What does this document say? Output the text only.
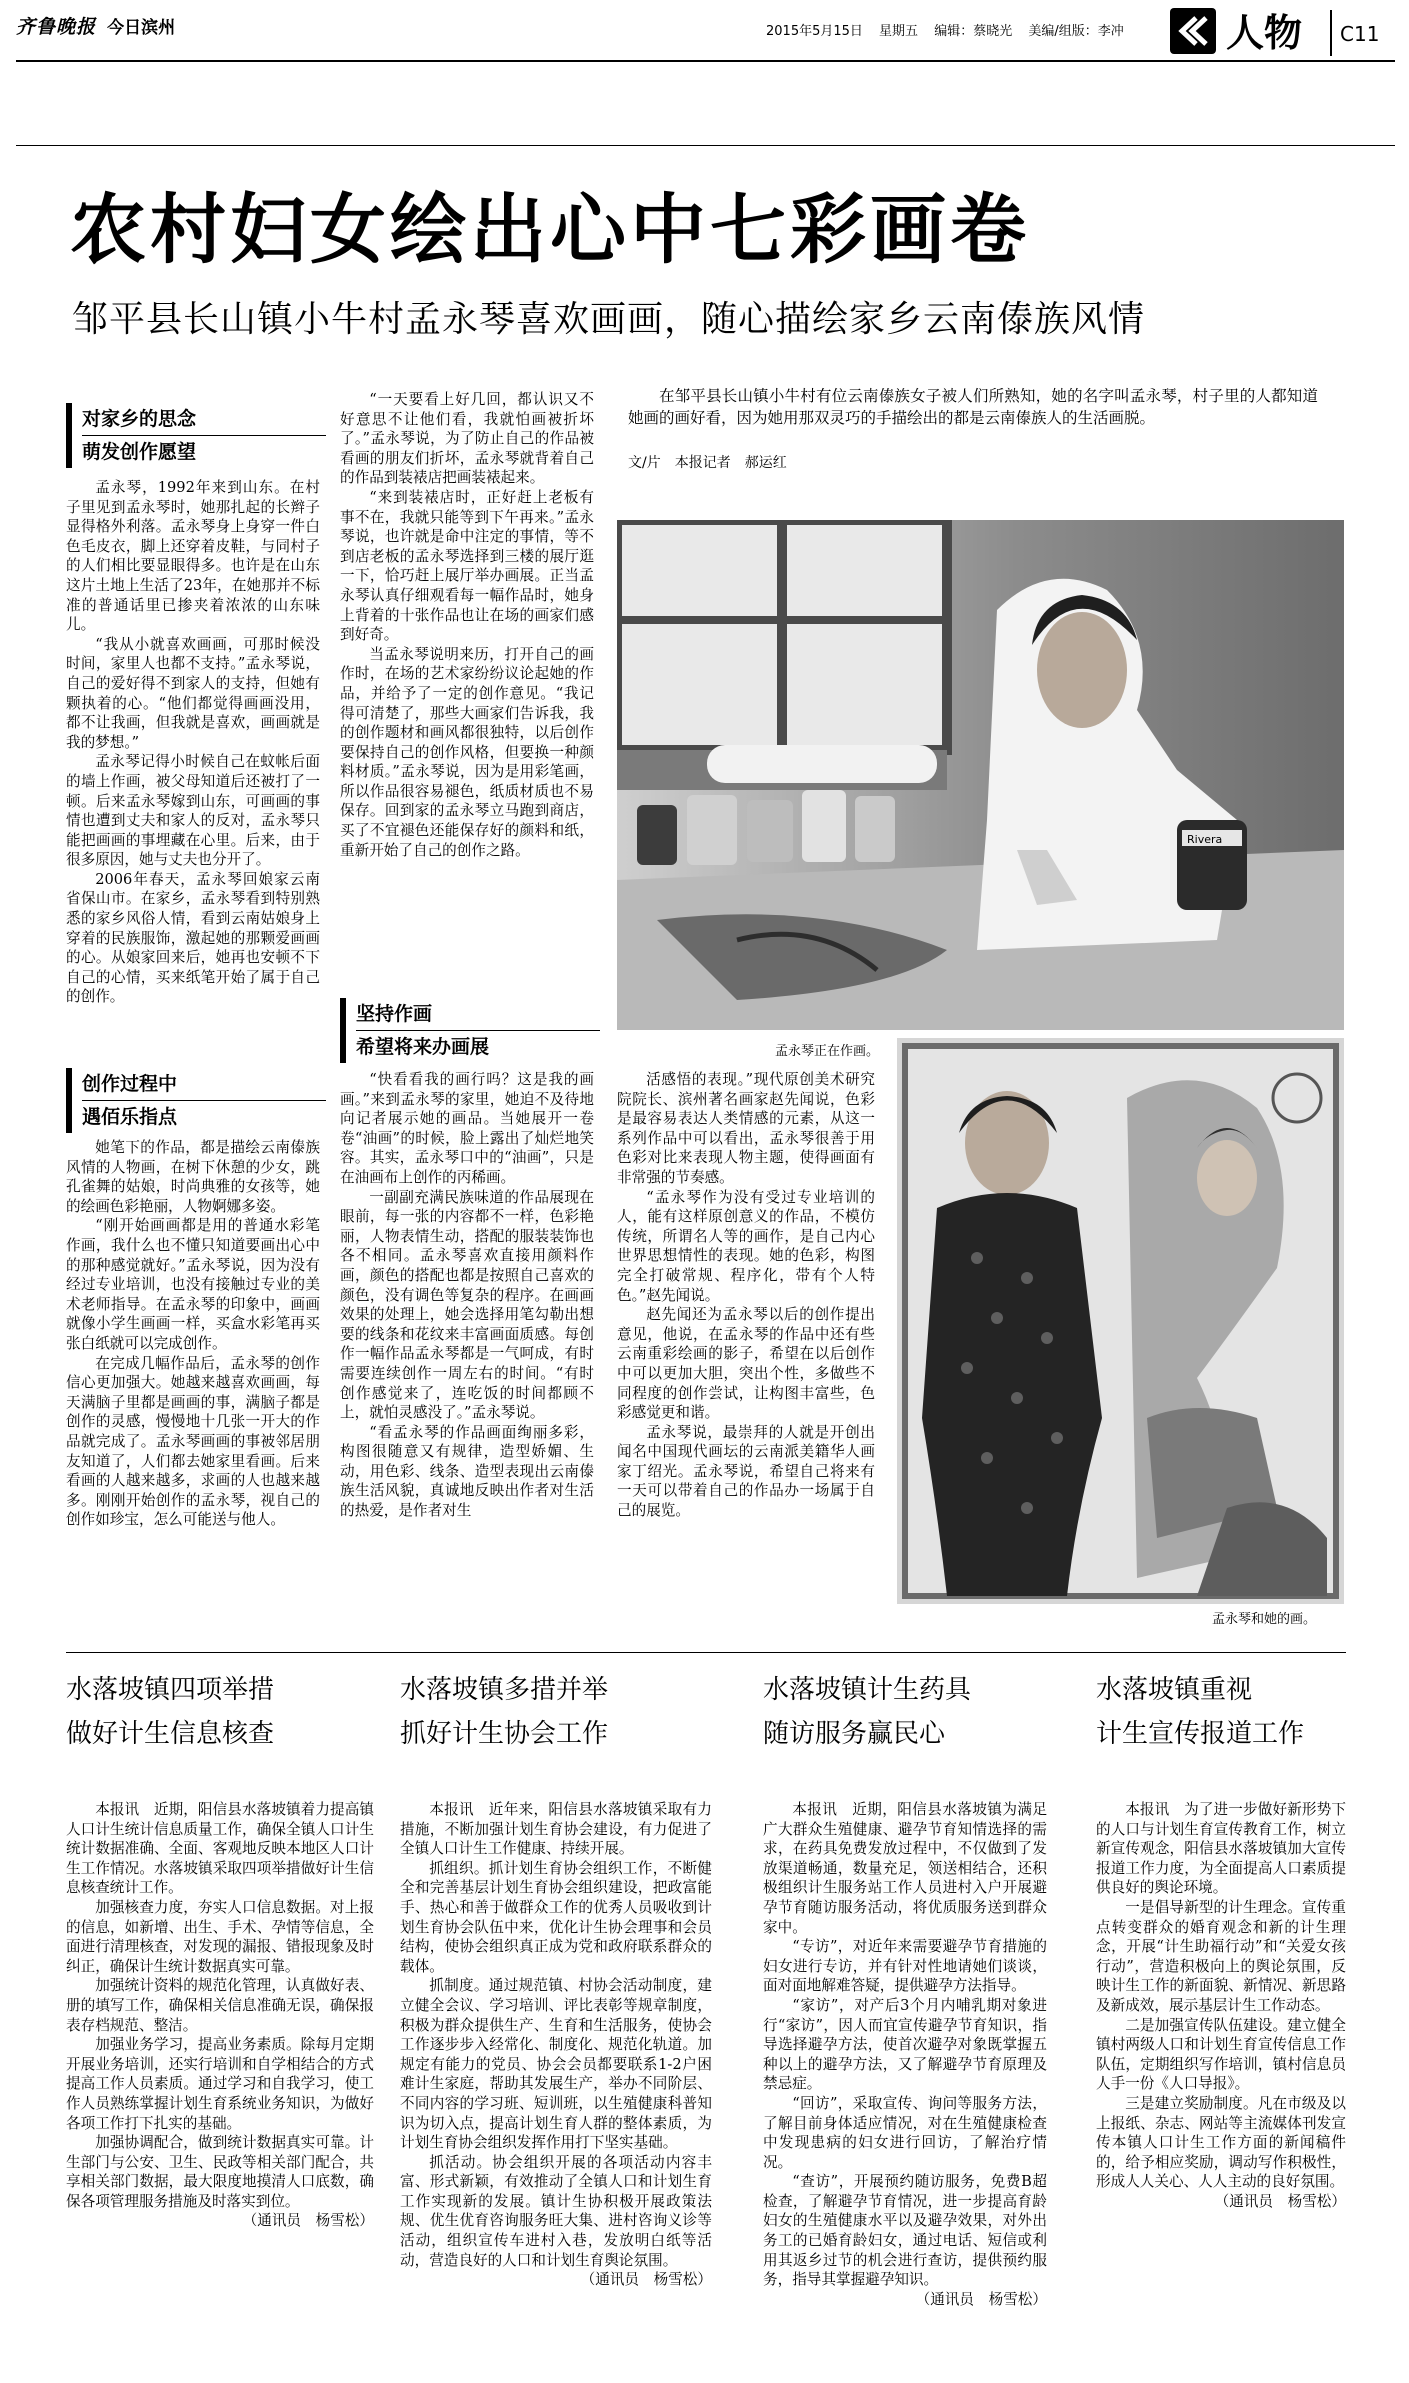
齐鲁晚报 今日滨州	2015年5月15日 星期五 编辑：蔡晓光 美编/组版：李冲	人物 C11
农村妇女绘出心中七彩画卷
邹平县长山镇小牛村孟永琴喜欢画画，随心描绘家乡云南傣族风情

在邹平县长山镇小牛村有位云南傣族女子被人们所熟知，她的名字叫孟永琴，村子里的人都知道她画的画好看，因为她用那双灵巧的手描绘出的都是云南傣族人的生活画脱。

文/片　本报记者　郝运红
对家乡的思念
萌发创作愿望

孟永琴，1992年来到山东。在村子里见到孟永琴时，她那扎起的长辫子显得格外利落。孟永琴身上身穿一件白色毛皮衣，脚上还穿着皮鞋，与同村子的人们相比要显眼得多。也许是在山东这片土地上生活了23年，在她那并不标准的普通话里已掺夹着浓浓的山东味儿。

“我从小就喜欢画画，可那时候没时间，家里人也都不支持。”孟永琴说，自己的爱好得不到家人的支持，但她有颗执着的心。“他们都觉得画画没用，都不让我画，但我就是喜欢，画画就是我的梦想。”

孟永琴记得小时候自己在蚊帐后面的墙上作画，被父母知道后还被打了一顿。后来孟永琴嫁到山东，可画画的事情也遭到丈夫和家人的反对，孟永琴只能把画画的事埋藏在心里。后来，由于很多原因，她与丈夫也分开了。

2006年春天，孟永琴回娘家云南省保山市。在家乡，孟永琴看到特别熟悉的家乡风俗人情，看到云南姑娘身上穿着的民族服饰，激起她的那颗爱画画的心。从娘家回来后，她再也安顿不下自己的心情，买来纸笔开始了属于自己的创作。

创作过程中
遇佰乐指点

她笔下的作品，都是描绘云南傣族风情的人物画，在树下休憩的少女，跳孔雀舞的姑娘，时尚典雅的女孩等，她的绘画色彩艳丽，人物婀娜多姿。

“刚开始画画都是用的普通水彩笔作画，我什么也不懂只知道要画出心中的那种感觉就好。”孟永琴说，因为没有经过专业培训，也没有接触过专业的美术老师指导。在孟永琴的印象中，画画就像小学生画画一样，买盒水彩笔再买张白纸就可以完成创作。

在完成几幅作品后，孟永琴的创作信心更加强大。她越来越喜欢画画，每天满脑子里都是画画的事，满脑子都是创作的灵感，慢慢地十几张一开大的作品就完成了。孟永琴画画的事被邻居朋友知道了，人们都去她家里看画。后来看画的人越来越多，求画的人也越来越多。刚刚开始创作的孟永琴，视自己的创作如珍宝，怎么可能送与他人。

“一天要看上好几回，都认识又不好意思不让他们看，我就怕画被折坏了。”孟永琴说，为了防止自己的作品被看画的朋友们折坏，孟永琴就背着自己的作品到装裱店把画装裱起来。

“来到装裱店时，正好赶上老板有事不在，我就只能等到下午再来。”孟永琴说，也许就是命中注定的事情，等不到店老板的孟永琴选择到三楼的展厅逛一下，恰巧赶上展厅举办画展。正当孟永琴认真仔细观看每一幅作品时，她身上背着的十张作品也让在场的画家们感到好奇。

当孟永琴说明来历，打开自己的画作时，在场的艺术家纷纷议论起她的作品，并给予了一定的创作意见。“我记得可清楚了，那些大画家们告诉我，我的创作题材和画风都很独特，以后创作要保持自己的创作风格，但要换一种颜料材质。”孟永琴说，因为是用彩笔画，所以作品很容易褪色，纸质材质也不易保存。回到家的孟永琴立马跑到商店，买了不宜褪色还能保存好的颜料和纸，重新开始了自己的创作之路。

坚持作画
希望将来办画展

“快看看我的画行吗？这是我的画画。”来到孟永琴的家里，她迫不及待地向记者展示她的画品。当她展开一卷卷“油画”的时候，脸上露出了灿烂地笑容。其实，孟永琴口中的“油画”，只是在油画布上创作的丙稀画。

一副副充满民族味道的作品展现在眼前，每一张的内容都不一样，色彩艳丽，人物表情生动，搭配的服装装饰也各不相同。孟永琴喜欢直接用颜料作画，颜色的搭配也都是按照自己喜欢的颜色，没有调色等复杂的程序。在画画效果的处理上，她会选择用笔勾勒出想要的线条和花纹来丰富画面质感。每创作一幅作品孟永琴都是一气呵成，有时需要连续创作一周左右的时间。“有时创作感觉来了，连吃饭的时间都顾不上，就怕灵感没了。”孟永琴说。

“看孟永琴的作品画面绚丽多彩，构图很随意又有规律，造型娇媚、生动，用色彩、线条、造型表现出云南傣族生活风貌，真诚地反映出作者对生活的热爱，是作者对生

Rivera
孟永琴正在作画。

活感悟的表现。”现代原创美术研究院院长、滨州著名画家赵先闻说，色彩是最容易表达人类情感的元素，从这一系列作品中可以看出，孟永琴很善于用色彩对比来表现人物主题，使得画面有非常强的节奏感。

“孟永琴作为没有受过专业培训的人，能有这样原创意义的作品，不模仿传统，所谓名人等的画作，是自己内心世界思想情性的表现。她的色彩，构图完全打破常规、程序化，带有个人特色。”赵先闻说。

赵先闻还为孟永琴以后的创作提出意见，他说，在孟永琴的作品中还有些云南重彩绘画的影子，希望在以后创作中可以更加大胆，突出个性，多做些不同程度的创作尝试，让构图丰富些，色彩感觉更和谐。

孟永琴说，最崇拜的人就是开创出闻名中国现代画坛的云南派美籍华人画家丁绍光。孟永琴说，希望自己将来有一天可以带着自己的作品办一场属于自己的展览。

孟永琴和她的画。
水落坡镇四项举措
做好计生信息核查

本报讯　近期，阳信县水落坡镇着力提高镇人口计生统计信息质量工作，确保全镇人口计生统计数据准确、全面、客观地反映本地区人口计生工作情况。水落坡镇采取四项举措做好计生信息核查统计工作。

加强核查力度，夯实人口信息数据。对上报的信息，如新增、出生、手术、孕情等信息，全面进行清理核查，对发现的漏报、错报现象及时纠正，确保计生统计数据真实可靠。

加强统计资料的规范化管理，认真做好表、册的填写工作，确保相关信息准确无误，确保报表存档规范、整洁。

加强业务学习，提高业务素质。除每月定期开展业务培训，还实行培训和自学相结合的方式提高工作人员素质。通过学习和自我学习，使工作人员熟练掌握计划生育系统业务知识，为做好各项工作打下扎实的基础。

加强协调配合，做到统计数据真实可靠。计生部门与公安、卫生、民政等相关部门配合，共享相关部门数据，最大限度地摸清人口底数，确保各项管理服务措施及时落实到位。

（通讯员　杨雪松）
水落坡镇多措并举
抓好计生协会工作

本报讯　近年来，阳信县水落坡镇采取有力措施，不断加强计划生育协会建设，有力促进了全镇人口计生工作健康、持续开展。

抓组织。抓计划生育协会组织工作，不断健全和完善基层计划生育协会组织建设，把政富能手、热心和善于做群众工作的优秀人员吸收到计划生育协会队伍中来，优化计生协会理事和会员结构，使协会组织真正成为党和政府联系群众的载体。

抓制度。通过规范镇、村协会活动制度，建立健全会议、学习培训、评比表彰等规章制度，积极为群众提供生产、生育和生活服务，使协会工作逐步步入经常化、制度化、规范化轨道。加规定有能力的党员、协会会员都要联系1-2户困难计生家庭，帮助其发展生产，举办不同阶层、不同内容的学习班、短训班，以生殖健康科普知识为切入点，提高计划生育人群的整体素质，为计划生育协会组织发挥作用打下坚实基础。

抓活动。协会组织开展的各项活动内容丰富、形式新颖，有效推动了全镇人口和计划生育工作实现新的发展。镇计生协积极开展政策法规、优生优育咨询服务旺大集、进村咨询义诊等活动，组织宣传车进村入巷，发放明白纸等活动，营造良好的人口和计划生育舆论氛围。

（通讯员　杨雪松）
水落坡镇计生药具
随访服务赢民心

本报讯　近期，阳信县水落坡镇为满足广大群众生殖健康、避孕节育知情选择的需求，在药具免费发放过程中，不仅做到了发放渠道畅通，数量充足，领送相结合，还积极组织计生服务站工作人员进村入户开展避孕节育随访服务活动，将优质服务送到群众家中。

“专访”，对近年来需要避孕节育措施的妇女进行专访，并有针对性地请她们谈谈，面对面地解难答疑，提供避孕方法指导。

“家访”，对产后3个月内哺乳期对象进行“家访”，因人而宜宣传避孕节育知识，指导选择避孕方法，使首次避孕对象既掌握五种以上的避孕方法，又了解避孕节育原理及禁忌症。

“回访”，采取宣传、询问等服务方法，了解目前身体适应情况，对在生殖健康检查中发现患病的妇女进行回访，了解治疗情况。

“查访”，开展预约随访服务，免费B超检查，了解避孕节育情况，进一步提高育龄妇女的生殖健康水平以及避孕效果，对外出务工的已婚育龄妇女，通过电话、短信或利用其返乡过节的机会进行查访，提供预约服务，指导其掌握避孕知识。

（通讯员　杨雪松）
水落坡镇重视
计生宣传报道工作

本报讯　为了进一步做好新形势下的人口与计划生育宣传教育工作，树立新宣传观念，阳信县水落坡镇加大宣传报道工作力度，为全面提高人口素质提供良好的舆论环境。

一是倡导新型的计生理念。宣传重点转变群众的婚育观念和新的计生理念，开展“计生助福行动”和“关爱女孩行动”，营造积极向上的舆论氛围，反映计生工作的新面貌、新情况、新思路及新成效，展示基层计生工作动态。

二是加强宣传队伍建设。建立健全镇村两级人口和计划生育宣传信息工作队伍，定期组织写作培训，镇村信息员人手一份《人口导报》。

三是建立奖励制度。凡在市级及以上报纸、杂志、网站等主流媒体刊发宣传本镇人口计生工作方面的新闻稿件的，给予相应奖励，调动写作积极性，形成人人关心、人人主动的良好氛围。

（通讯员　杨雪松）
